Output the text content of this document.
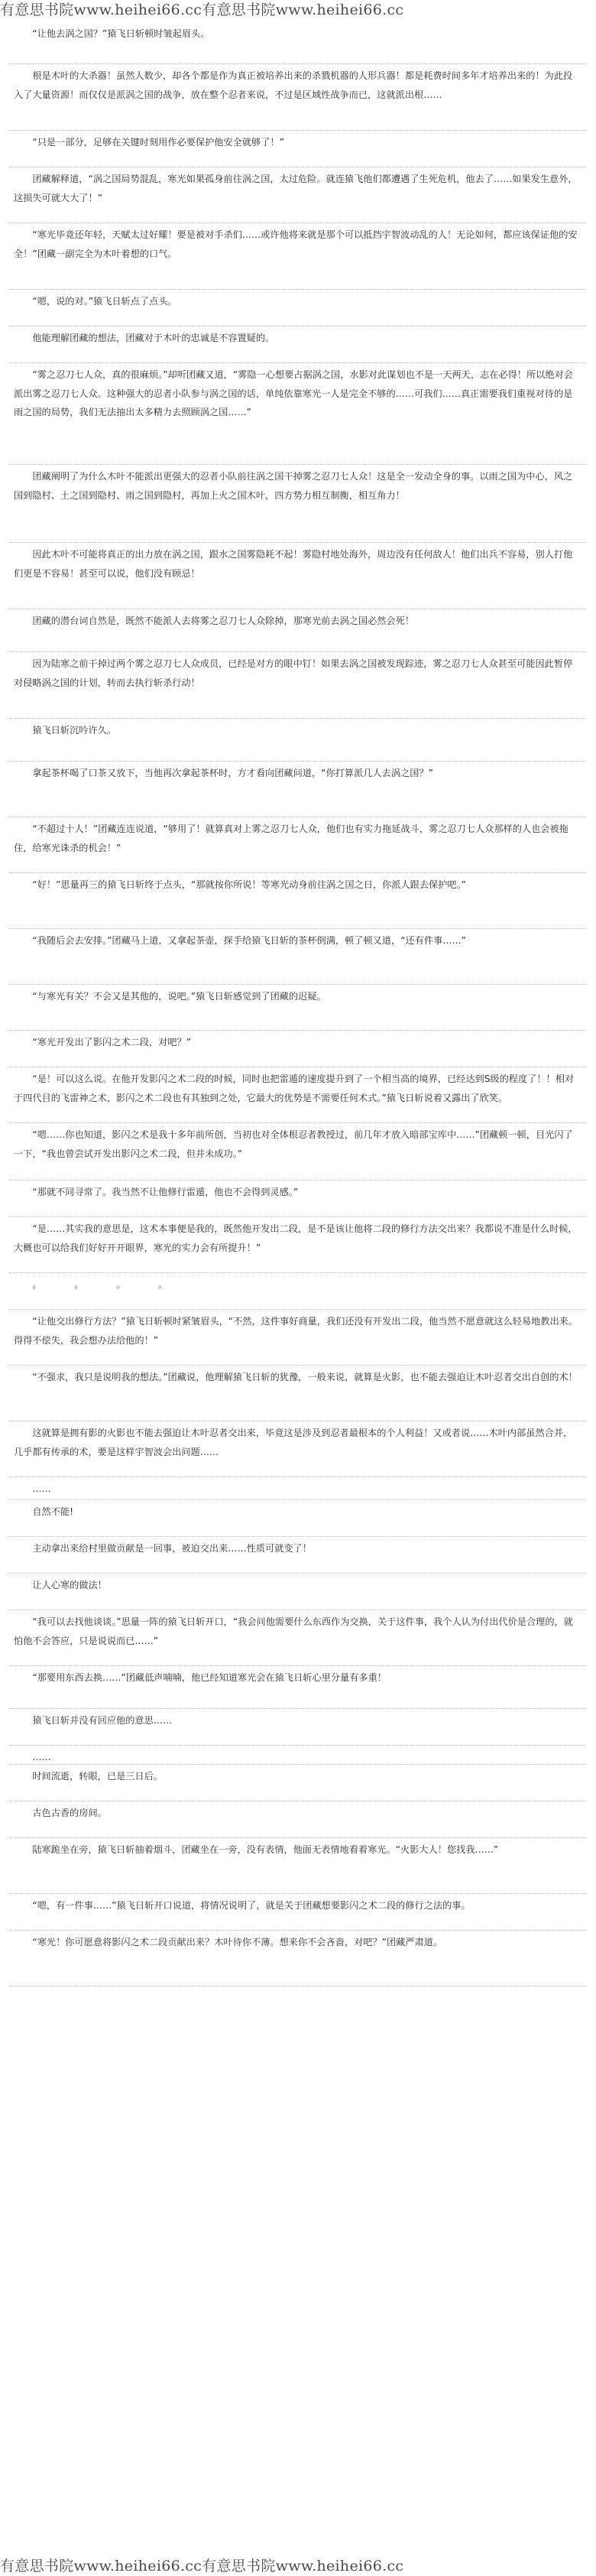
有意思书院www.heihei66.cc有意思书院www.heihei66.cc

　　“让他去涡之国？”猿飞日斩顿时皱起眉头。

　　根是木叶的大杀器！虽然人数少，却各个都是作为真正被培养出来的杀戮机器的人形兵器！都是耗费时间多年才培养出来的！为此投入了大量资源！而仅仅是派涡之国的战争，放在整个忍者来说，不过是区域性战争而已，这就派出根……

　　“只是一部分，足够在关键时刻用作必要保护他安全就够了！”

　　团藏解释道，“涡之国局势混乱，寒光如果孤身前往涡之国，太过危险。就连猿飞他们都遭遇了生死危机，他去了……如果发生意外，这损失可就大大了！”

　　“寒光毕竟还年轻，天赋太过好耀！要是被对手杀们……或许他将来就是那个可以抵挡宇智波动乱的人！无论如何，都应该保证他的安全！”团藏一副完全为木叶着想的口气。

　　“嗯，说的对。”猿飞日斩点了点头。

　　他能理解团藏的想法，团藏对于木叶的忠诚是不容置疑的。

　　“雾之忍刀七人众，真的很麻烦。”却听团藏又道，“雾隐一心想要占据涡之国，水影对此谋划也不是一天两天，志在必得！所以绝对会派出雾之忍刀七人众。这种强大的忍者小队参与涡之国的话，单纯依靠寒光一人是完全不够的……可我们……真正需要我们重视对待的是雨之国的局势，我们无法抽出太多精力去照顾涡之国……”

　　团藏阐明了为什么木叶不能派出更强大的忍者小队前往涡之国干掉雾之忍刀七人众！这是全一发动全身的事。以雨之国为中心，风之国到隐村、土之国到隐村、雨之国到隐村，再加上火之国木叶，四方势力相互制衡，相互角力！

　　因此木叶不可能将真正的出力放在涡之国，跟水之国雾隐耗不起！雾隐村地处海外，周边没有任何敌人！他们出兵不容易，别人打他们更是不容易！甚至可以说，他们没有顾忌！

　　团藏的潜台词自然是，既然不能派人去将雾之忍刀七人众除掉，那寒光前去涡之国必然会死！

　　因为陆寒之前干掉过两个雾之忍刀七人众成员，已经是对方的眼中钉！如果去涡之国被发现踪迹，雾之忍刀七人众甚至可能因此暂停对侵略涡之国的计划，转而去执行斩杀行动！

　　猿飞日斩沉吟许久。

　　拿起茶杯喝了口茶又放下，当他再次拿起茶杯时，方才看向团藏问道，“你打算派几人去涡之国？”

　　“不超过十人！”团藏连连说道，“够用了！就算真对上雾之忍刀七人众，他们也有实力拖延战斗，雾之忍刀七人众那样的人也会被拖住，给寒光诛杀的机会！”

　　“好！”思量再三的猿飞日斩终于点头，“那就按你所说！等寒光动身前往涡之国之日，你派人跟去保护吧。”

　　“我随后会去安排。”团藏马上道，又拿起茶壶，探手给猿飞日斩的茶杯倒满，顿了顿又道，“还有件事……”

　　“与寒光有关？不会又是其他的，说吧。”猿飞日斩感觉到了团藏的迟疑。

　　“寒光开发出了影闪之术二段，对吧？”

　　“是！可以这么说。在他开发影闪之术二段的时候，同时也把雷遁的速度提升到了一个相当高的境界，已经达到S级的程度了！！相对于四代目的飞雷神之术，影闪之术二段也有其独到之处，它最大的优势是不需要任何术式。”猿飞日斩说着又露出了欣笑。

　　“嗯……你也知道，影闪之术是我十多年前所创，当初也对全体根忍者教授过，前几年才放入暗部宝库中……”团藏顿一顿，目光闪了一下，“我也曾尝试开发出影闪之术二段，但并未成功。”

　　“那就不同寻常了。我当然不让他修行雷遁，他也不会得到灵感。”

　　“是……其实我的意思是，这术本事便是我的，既然他开发出二段，是不是该让他将二段的修行方法交出来？我都说不准是什么时候，大概也可以给我们好好开开眼界，寒光的实力会有所提升！”

　　。　　　　。　　　　。　　　　。

　　“让他交出修行方法？”猿飞日斩顿时紧皱眉头，“不然，这件事好商量，我们还没有开发出二段，他当然不愿意就这么轻易地教出来。得得不偿失，我会想办法给他的！”

　　“不强求，我只是说明我的想法。”团藏说，他理解猿飞日斩的犹豫，一般来说，就算是火影，也不能去强迫让木叶忍者交出自创的术！

　　这就算是拥有影的火影也不能去强迫让木叶忍者交出来，毕竟这是涉及到忍者最根本的个人利益！又或者说……木叶内部虽然合并，几乎都有传承的术，要是这样宇智波会出问题……

　　……

　　自然不能!

　　主动拿出来给村里做贡献是一回事，被迫交出来……性质可就变了！

　　让人心寒的做法！

　　“我可以去找他谈谈。”思量一阵的猿飞日斩开口，“我会问他需要什么东西作为交换，关于这件事，我个人认为付出代价是合理的，就怕他不会答应，只是说说而已……”

　　“那要用东西去换……”团藏低声喃喃，他已经知道寒光会在猿飞日斩心里分量有多重！

　　猿飞日斩并没有回应他的意思……

　　……

　　时间流逝，转眼，已是三日后。

　　古色古香的房间。

　　陆寒跪坐在旁，猿飞日斩抽着烟斗，团藏坐在一旁，没有表情，他面无表情地看着寒光。“火影大人！您找我……”

　　“嗯，有一件事……”猿飞日斩开口说道，将情况说明了，就是关于团藏想要影闪之术二段的修行之法的事。

　　“寒光！你可愿意将影闪之术二段贡献出来？木叶待你不薄。想来你不会吝啬，对吧？”团藏严肃道。

有意思书院www.heihei66.cc有意思书院www.heihei66.cc
